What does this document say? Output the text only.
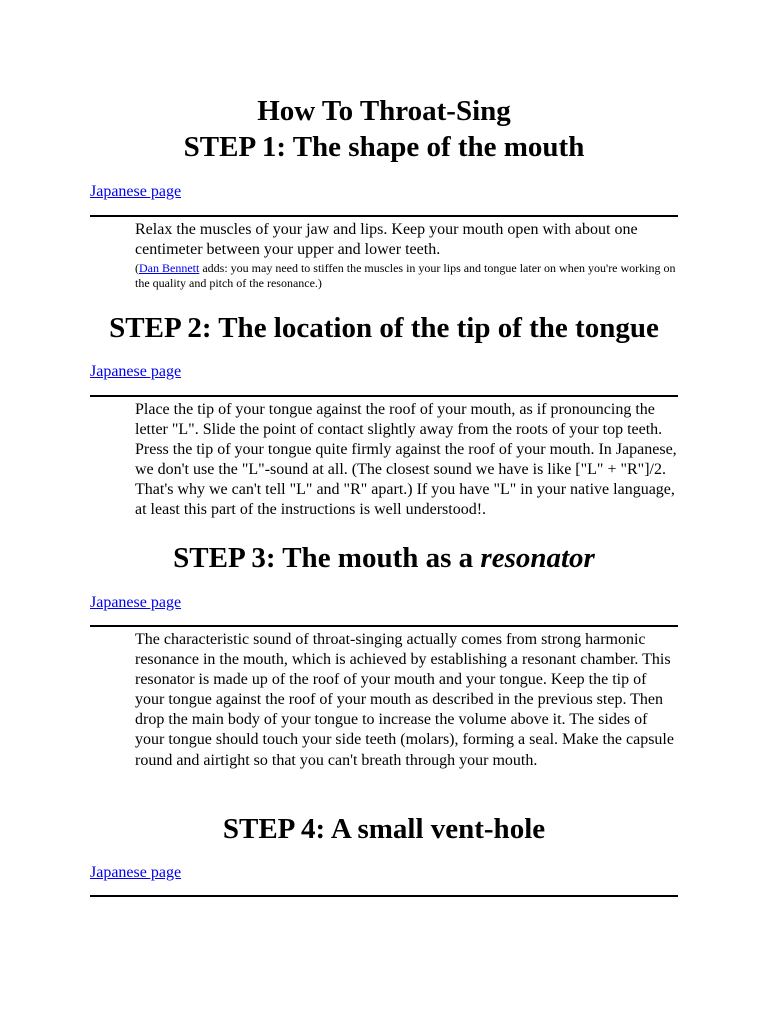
How To Throat-Sing
STEP 1: The shape of the mouth
Japanese page
Relax the muscles of your jaw and lips. Keep your mouth open with about one centimeter between your upper and lower teeth.
(Dan Bennett adds: you may need to stiffen the muscles in your lips and tongue later on when you're working on the quality and pitch of the resonance.)
STEP 2: The location of the tip of the tongue
Japanese page
Place the tip of your tongue against the roof of your mouth, as if pronouncing the letter "L". Slide the point of contact slightly away from the roots of your top teeth. Press the tip of your tongue quite firmly against the roof of your mouth. In Japanese, we don't use the "L"-sound at all. (The closest sound we have is like ["L" + "R"]/2. That's why we can't tell "L" and "R" apart.) If you have "L" in your native language, at least this part of the instructions is well understood!.
STEP 3: The mouth as a resonator
Japanese page
The characteristic sound of throat-singing actually comes from strong harmonic resonance in the mouth, which is achieved by establishing a resonant chamber. This resonator is made up of the roof of your mouth and your tongue. Keep the tip of your tongue against the roof of your mouth as described in the previous step. Then drop the main body of your tongue to increase the volume above it. The sides of your tongue should touch your side teeth (molars), forming a seal. Make the capsule round and airtight so that you can't breath through your mouth.
STEP 4: A small vent-hole
Japanese page
